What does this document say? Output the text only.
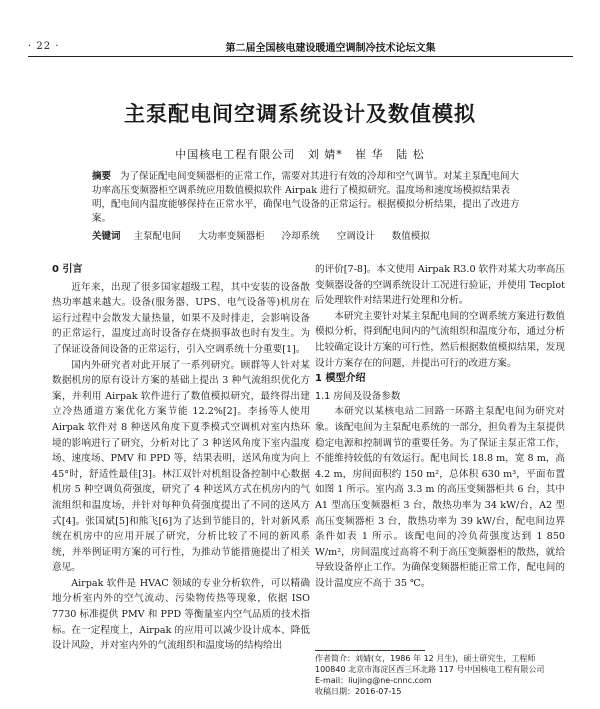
· 22 ·	第二届全国核电建设暖通空调制冷技术论坛文集
主泵配电间空调系统设计及数值模拟
中国核电工程有限公司 刘 婧* 崔 华 陆 松
摘要 为了保证配电间变频器柜的正常工作，需要对其进行有效的冷却和空气调节。对某主泵配电间大功率高压变频器柜空调系统应用数值模拟软件 Airpak 进行了模拟研究。温度场和速度场模拟结果表明，配电间内温度能够保持在正常水平，确保电气设备的正常运行。根据模拟分析结果，提出了改进方案。
关键词 主泵配电间 大功率变频器柜 冷却系统 空调设计 数值模拟
0 引言

近年来，出现了很多国家超级工程，其中安装的设备散热功率越来越大。设备(服务器、UPS、电气设备等)机房在运行过程中会散发大量热量，如果不及时排走，会影响设备的正常运行，温度过高时设备存在烧损事故也时有发生。为了保证设备间设备的正常运行，引入空调系统十分重要[1]。

国内外研究者对此开展了一系列研究。顾群等人针对某数据机房的原有设计方案的基础上提出 3 种气流组织优化方案，并利用 Airpak 软件进行了数值模拟研究，最终得出建立冷热通道方案优化方案节能 12.2%[2]。李扬等人使用 Airpak 软件对 8 种送风角度下夏季模式空调机对室内热环境的影响进行了研究，分析对比了 3 种送风角度下室内温度场、速度场、PMV 和 PPD 等，结果表明，送风角度为向上 45°时，舒适性最佳[3]。林江双针对机组设备控制中心数据机房 5 种空调负荷强度，研究了 4 种送风方式在机房内的气流组织和温度场，并针对每种负荷强度提出了不同的送风方式[4]。张国斌[5]和熊飞[6]为了达到节能目的，针对新风系统在机房中的应用开展了研究，分析比较了不同的新风系统，并举例证明方案的可行性，为推动节能措施提出了相关意见。

Airpak 软件是 HVAC 领域的专业分析软件，可以精确地分析室内外的空气流动、污染物传热等现象，依据 ISO 7730 标准提供 PMV 和 PPD 等衡量室内空气品质的技术指标。在一定程度上，Airpak 的应用可以减少设计成本、降低设计风险，并对室内外的气流组织和温度场的结构给出

的评价[7-8]。本文使用 Airpak R3.0 软件对某大功率高压变频器设备的空调系统设计工况进行验证，并使用 Tecplot 后处理软件对结果进行处理和分析。

本研究主要针对某主泵配电间的空调系统方案进行数值模拟分析，得到配电间内的气流组织和温度分布，通过分析比较确定设计方案的可行性，然后根据数值模拟结果，发现设计方案存在的问题，并提出可行的改进方案。

1 模型介绍
1.1 房间及设备参数

本研究以某核电站二回路一环路主泵配电间为研究对象。该配电间为主泵配电系统的一部分，担负着为主泵提供稳定电源和控制调节的重要任务。为了保证主泵正常工作，不能维持较低的有效运行。配电间长 18.8 m，宽 8 m，高 4.2 m，房间面积约 150 m²，总体积 630 m³，平面布置如图 1 所示。室内高 3.3 m 的高压变频器柜共 6 台，其中 A1 型高压变频器柜 3 台，散热功率为 34 kW/台，A2 型高压变频器柜 3 台，散热功率为 39 kW/台，配电间边界条件如表 1 所示。该配电间的冷负荷强度达到 1 850 W/m²，房间温度过高将不利于高压变频器柜的散热，就给导致设备停止工作。为确保变频器柜能正常工作，配电间的设计温度应不高于 35 ℃。

作者简介：刘婧(女，1986 年 12 月生)，硕士研究生，工程师
100840 北京市海淀区西三环北路 117 号中国核电工程有限公司
E-mail：liujing@ne-cnnc.com
收稿日期：2016-07-15
